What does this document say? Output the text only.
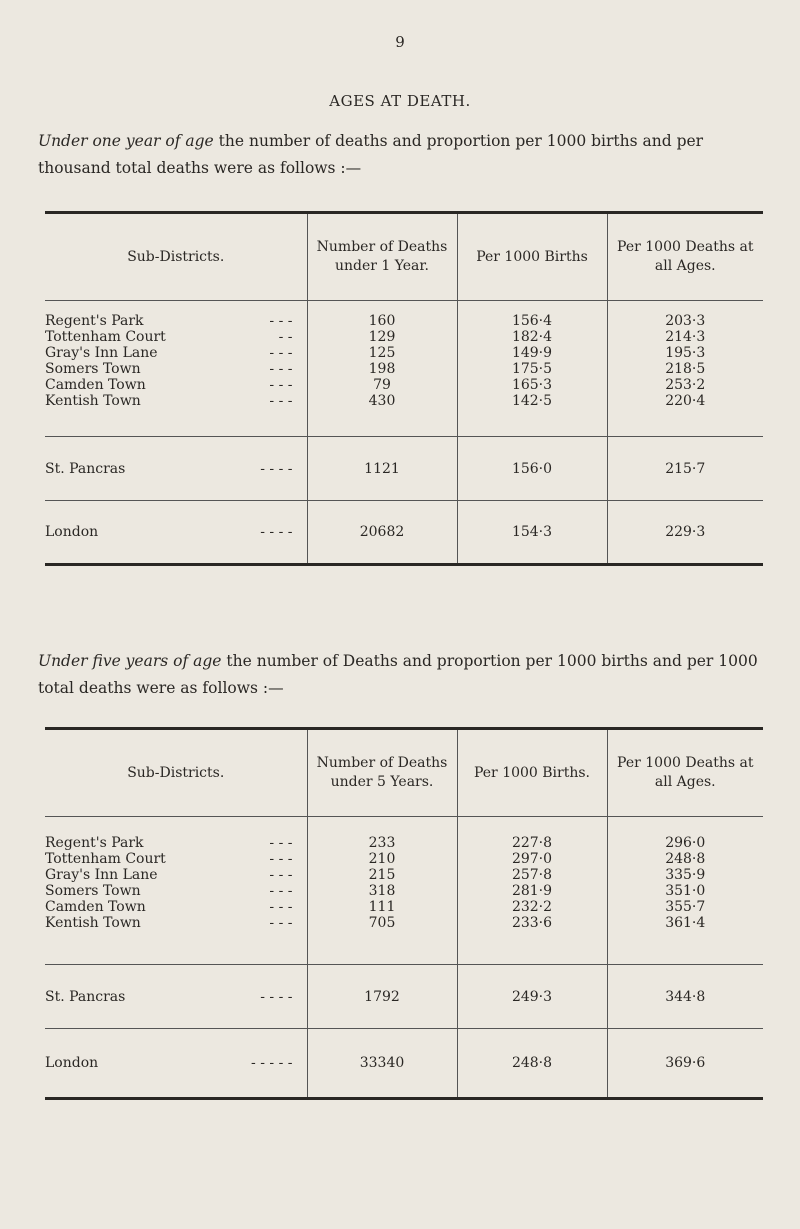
9
AGES AT DEATH.

Under one year of age the number of deaths and proportion per 1000 births and per thousand total deaths were as follows :—

Sub-Districts.	Number of Deaths under 1 Year.	Per 1000 Births	Per 1000 Deaths at all Ages.

Regent's Park - - -	160	156·4	203·3

Tottenham Court - -	129	182·4	214·3

Gray's Inn Lane - - -	125	149·9	195·3

Somers Town - - -	198	175·5	218·5

Camden Town - - -	79	165·3	253·2

Kentish Town - - -	430	142·5	220·4

St. Pancras - - - -	1121	156·0	215·7

London - - - -	20682	154·3	229·3

Under five years of age the number of Deaths and proportion per 1000 births and per 1000 total deaths were as follows :—

Sub-Districts.	Number of Deaths under 5 Years.	Per 1000 Births.	Per 1000 Deaths at all Ages.

Regent's Park - - -	233	227·8	296·0

Tottenham Court - - -	210	297·0	248·8

Gray's Inn Lane - - -	215	257·8	335·9

Somers Town - - -	318	281·9	351·0

Camden Town - - -	111	232·2	355·7

Kentish Town - - -	705	233·6	361·4

St. Pancras - - - -	1792	249·3	344·8

London - - - - -	33340	248·8	369·6
